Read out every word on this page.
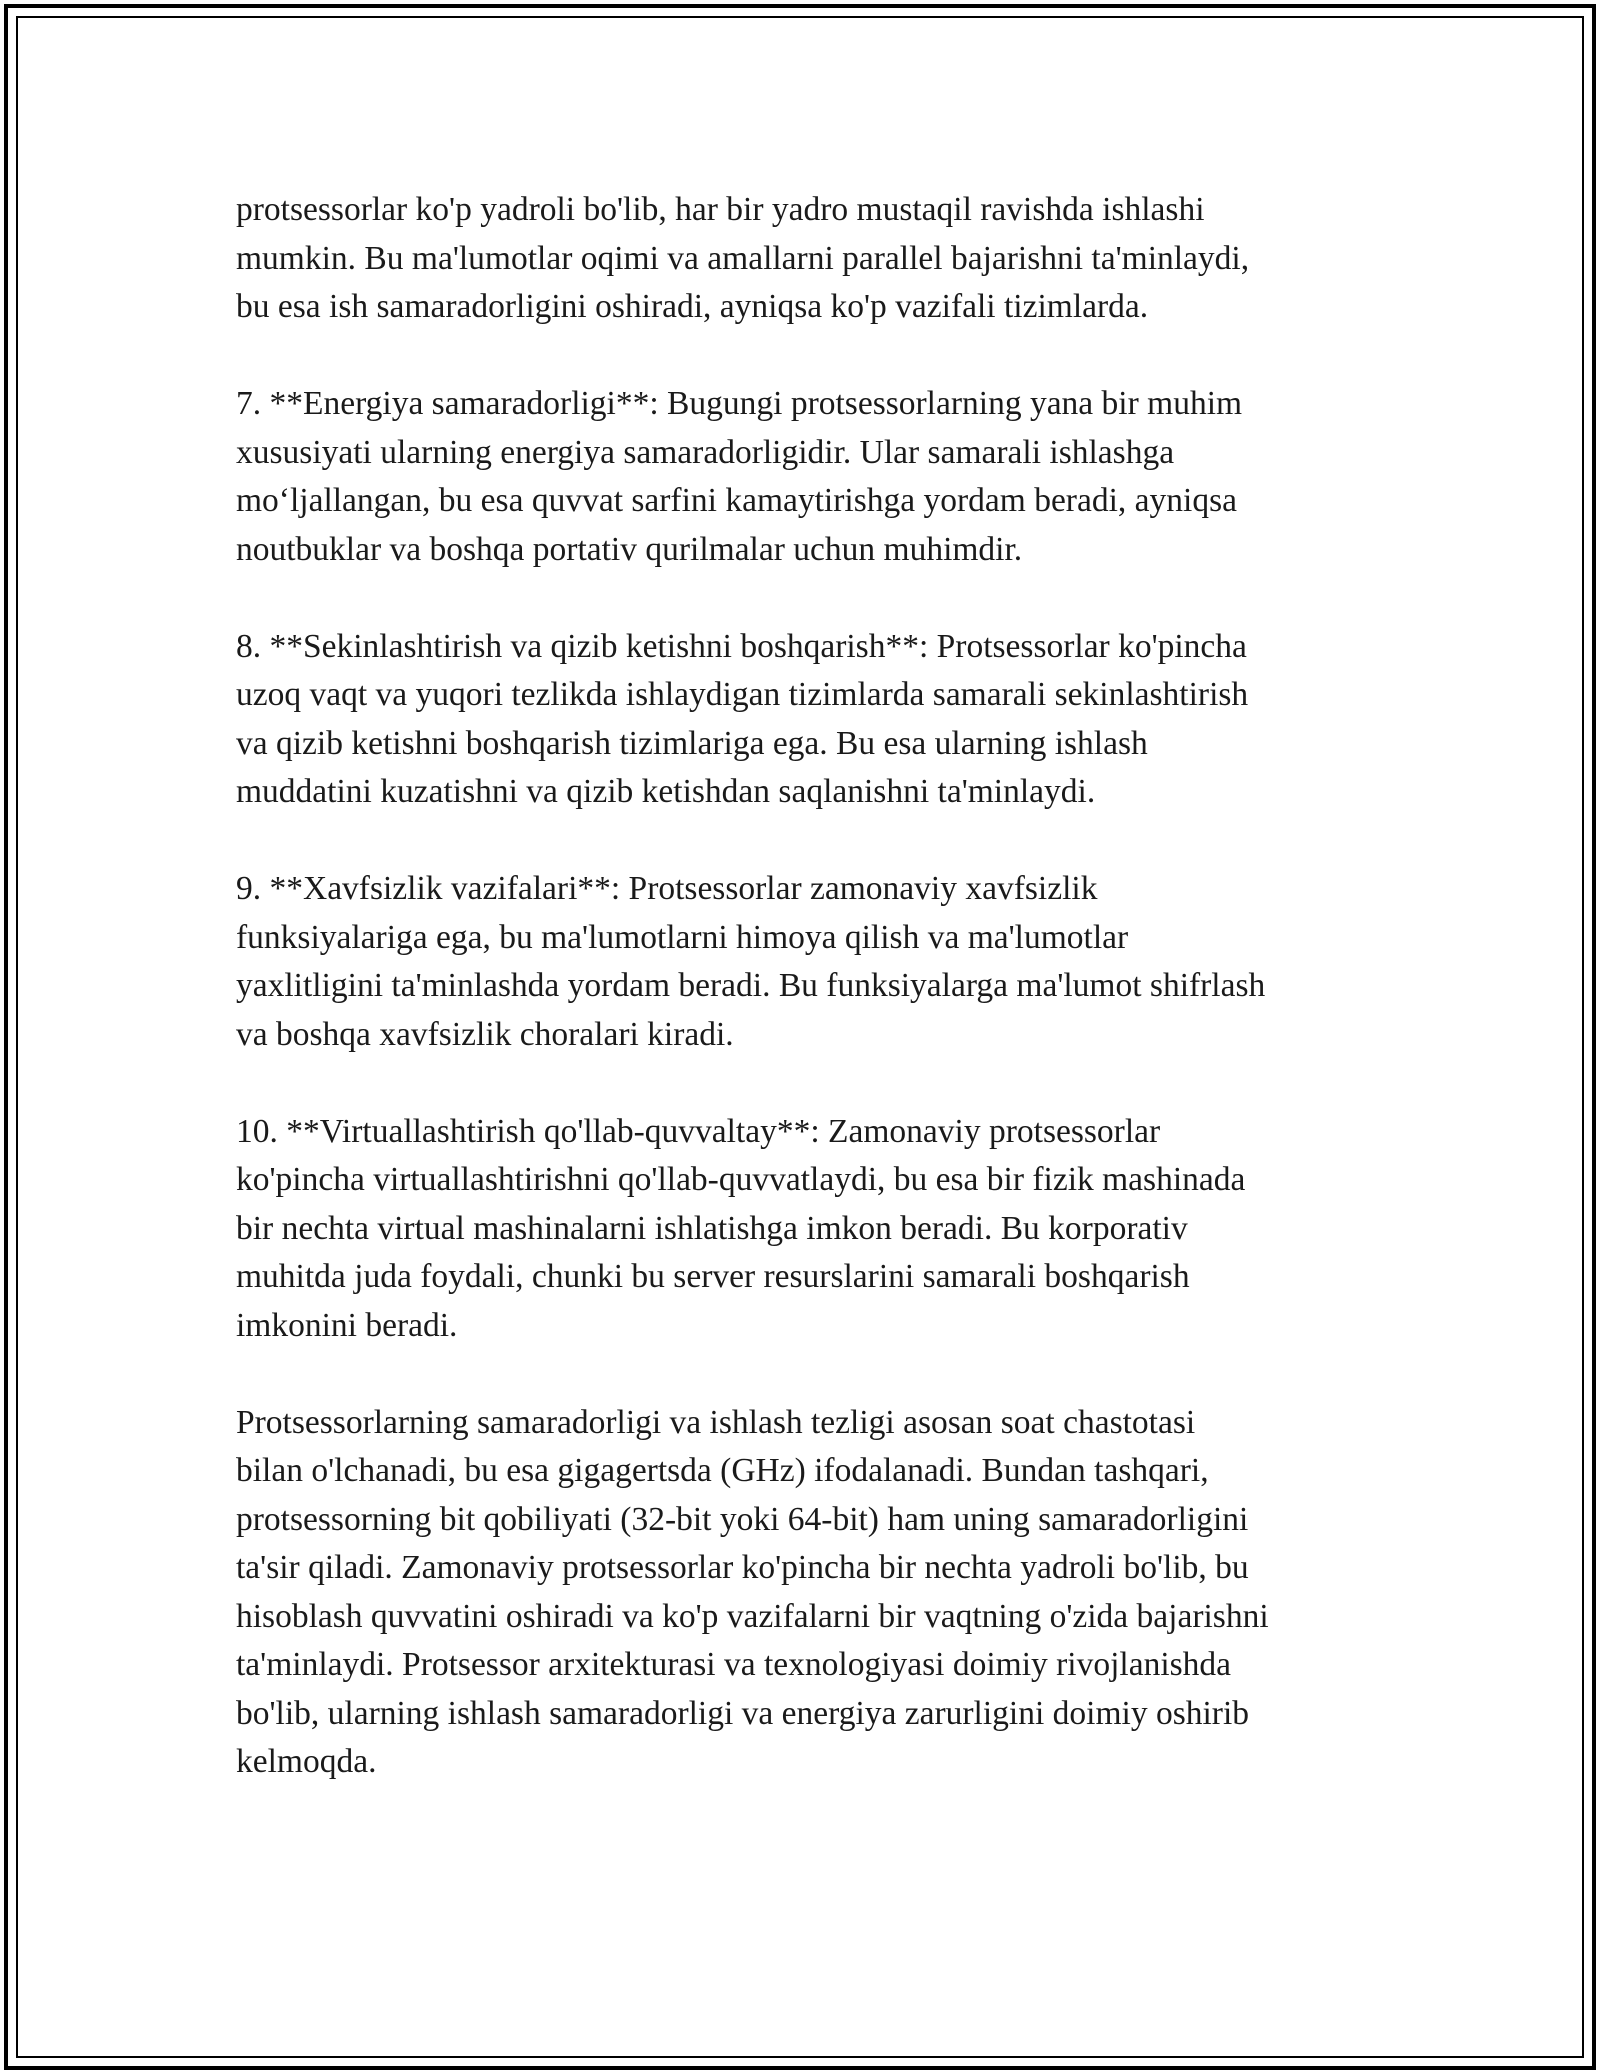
protsessorlar ko'p yadroli bo'lib, har bir yadro mustaqil ravishda ishlashi
mumkin. Bu ma'lumotlar oqimi va amallarni parallel bajarishni ta'minlaydi,
bu esa ish samaradorligini oshiradi, ayniqsa ko'p vazifali tizimlarda.

7. **Energiya samaradorligi**: Bugungi protsessorlarning yana bir muhim
xususiyati ularning energiya samaradorligidir. Ular samarali ishlashga
mo‘ljallangan, bu esa quvvat sarfini kamaytirishga yordam beradi, ayniqsa
noutbuklar va boshqa portativ qurilmalar uchun muhimdir.

8. **Sekinlashtirish va qizib ketishni boshqarish**: Protsessorlar ko'pincha
uzoq vaqt va yuqori tezlikda ishlaydigan tizimlarda samarali sekinlashtirish
va qizib ketishni boshqarish tizimlariga ega. Bu esa ularning ishlash
muddatini kuzatishni va qizib ketishdan saqlanishni ta'minlaydi.

9. **Xavfsizlik vazifalari**: Protsessorlar zamonaviy xavfsizlik
funksiyalariga ega, bu ma'lumotlarni himoya qilish va ma'lumotlar
yaxlitligini ta'minlashda yordam beradi. Bu funksiyalarga ma'lumot shifrlash
va boshqa xavfsizlik choralari kiradi.

10. **Virtuallashtirish qo'llab-quvvaltay**: Zamonaviy protsessorlar
ko'pincha virtuallashtirishni qo'llab-quvvatlaydi, bu esa bir fizik mashinada
bir nechta virtual mashinalarni ishlatishga imkon beradi. Bu korporativ
muhitda juda foydali, chunki bu server resurslarini samarali boshqarish
imkonini beradi.

Protsessorlarning samaradorligi va ishlash tezligi asosan soat chastotasi
bilan o'lchanadi, bu esa gigagertsda (GHz) ifodalanadi. Bundan tashqari,
protsessorning bit qobiliyati (32-bit yoki 64-bit) ham uning samaradorligini
ta'sir qiladi. Zamonaviy protsessorlar ko'pincha bir nechta yadroli bo'lib, bu
hisoblash quvvatini oshiradi va ko'p vazifalarni bir vaqtning o'zida bajarishni
ta'minlaydi. Protsessor arxitekturasi va texnologiyasi doimiy rivojlanishda
bo'lib, ularning ishlash samaradorligi va energiya zarurligini doimiy oshirib
kelmoqda.
